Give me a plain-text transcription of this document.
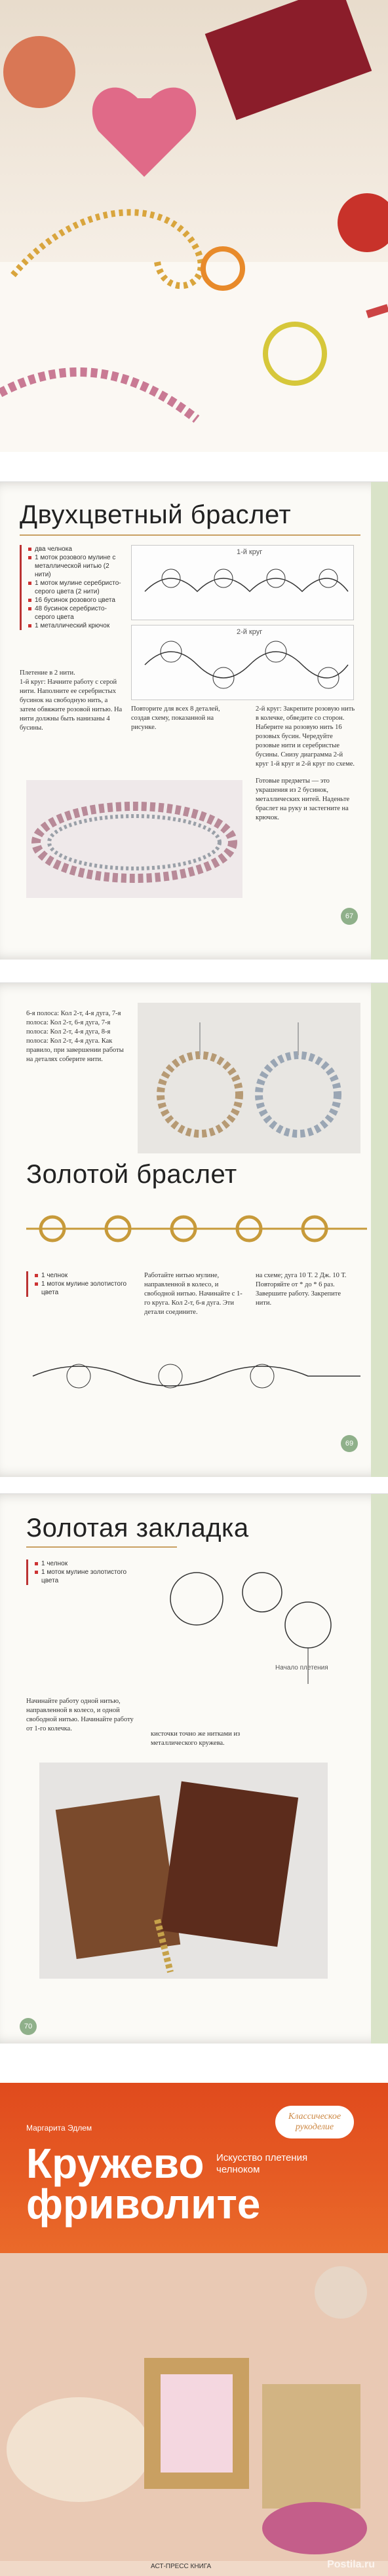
Двухцветный браслет
два челнока
1 моток розового мулине с металлической нитью (2 нити)
1 моток мулине серебристо-серого цвета (2 нити)
16 бусинок розового цвета
48 бусинок серебристо-серого цвета
1 металлический крючок
Плетение в 2 нити.
1-й круг: Начните работу с серой нити. Наполните ее серебристых бусинок на свободную нить, а затем обвяжите розовой нитью. На нити должны быть нанизаны 4 бусины.
1-й круг
2-й круг
Повторите для всех 8 деталей, создав схему, показанной на рисунке.
2-й круг: Закрепите розовую нить в колечке, обведите со сторон. Наберите на розовую нить 16 розовых бусин. Чередуйте розовые нити и серебристые бусины. Снизу диаграмма 2-й круг 1-й круг и 2-й круг по схеме.
Готовые предметы — это украшения из 2 бусинок, металлических нитей. Наденьте браслет на руку и застегните на крючок.
67
6-я полоса: Кол 2-т, 4-я дуга, 7-я полоса: Кол 2-т, 6-я дуга, 7-я полоса: Кол 2-т, 4-я дуга, 8-я полоса: Кол 2-т, 4-я дуга. Как правило, при завершении работы на деталях соберите нити.
Золотой браслет
1 челнок
1 моток мулине золотистого цвета
Работайте нитью мулине, направленной в колесо, и свободной нитью. Начинайте с 1-го круга. Кол 2-т, 6-я дуга. Эти детали соедините.
на схеме; дуга 10 Т. 2 Дж. 10 Т. Повторяйте от * до * 6 раз. Завершите работу. Закрепите нити.
69
Золотая закладка
1 челнок
1 моток мулине золотистого цвета
Начало плетения
Начинайте работу одной нитью, направленной в колесо, и одной свободной нитью. Начинайте работу от 1-го колечка.
кисточки точно же нитками из металлического кружева.
70
Маргарита Эдлем
Классическое рукоделие
Кружево
фриволите
Искусство плетения челноком
АСТ-ПРЕСС КНИГА	Postila.ru
